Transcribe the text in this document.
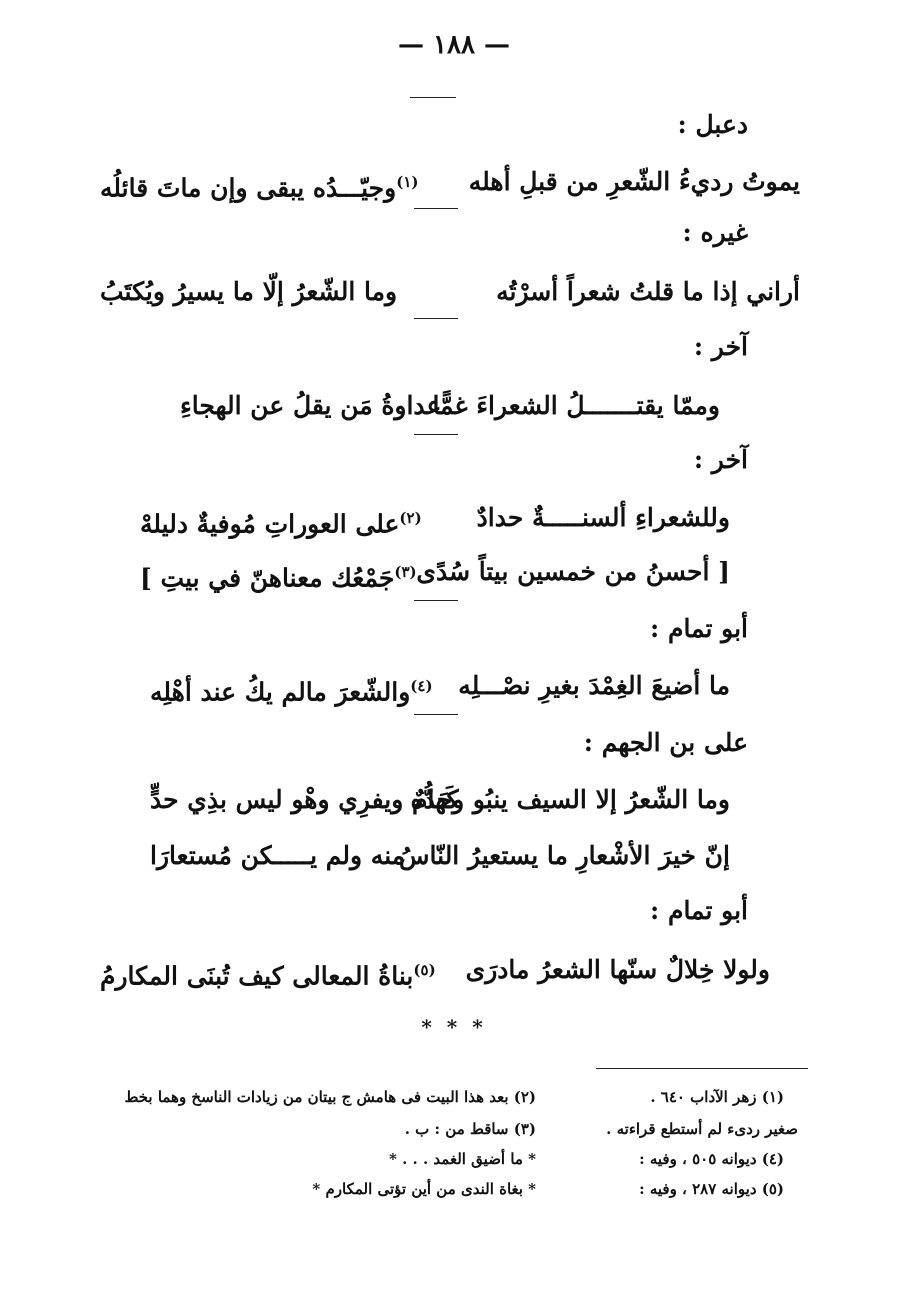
— ١٨٨ —
دعبل :
يموتُ رديءُ الشّعرِ من قبلِ أهله
$^{(١)}$وجيّـــدُه يبقى وإن ماتَ قائلُه
غيره :
أراني إذا ما قلتُ شعراً أسرْتُه
وما الشّعرُ إلّا ما يسيرُ ويُكتَبُ
آخر :
وممّا يقتـــــــلُ الشعراءَ غمًّا
عداوةُ مَن يقلُ عن الهجاءِ
آخر :
وللشعراءِ ألسنـــــةٌ حدادٌ
$^{(٢)}$على العوراتِ مُوفيةٌ دليلهْ
[ أحسنُ من خمسين بيتاً سُدًى
$^{(٣)}$جَمْعُك معناهنّ في بيتِ ]
أبو تمام :
ما أضيعَ الغِمْدَ بغيرِ نصْـــلِه
$^{(٤)}$والشّعرَ مالم يكُ عند أهْلِه
على بن الجهم :
وما الشّعرُ إلا السيف ينبُو وحَدُّه
كَهامٌ ويفرِي وهْو ليس بذِي حدٍّ
إنّ خيرَ الأشْعارِ ما يستعيرُ النّاسُ
منه ولم يـــــكن مُستعارَا
أبو تمام :
ولولا خِلالٌ سنّها الشعرُ مادرَى
$^{(٥)}$بناةُ المعالى كيف تُبنَى المكارمُ
* * *
(١) زهر الآداب ٦٤٠ .
صغير ردىء لم أستطع قراءته .
(٤) ديوانه ٥٠٥ ، وفيه :
(٥) ديوانه ٢٨٧ ، وفيه :
(٢) بعد هذا البيت فى هامش ج بيتان من زيادات الناسخ وهما بخط
(٣) ساقط من : ب .
* ما أضيق الغمد . . . *
* بغاة الندى من أين تؤتى المكارم *
